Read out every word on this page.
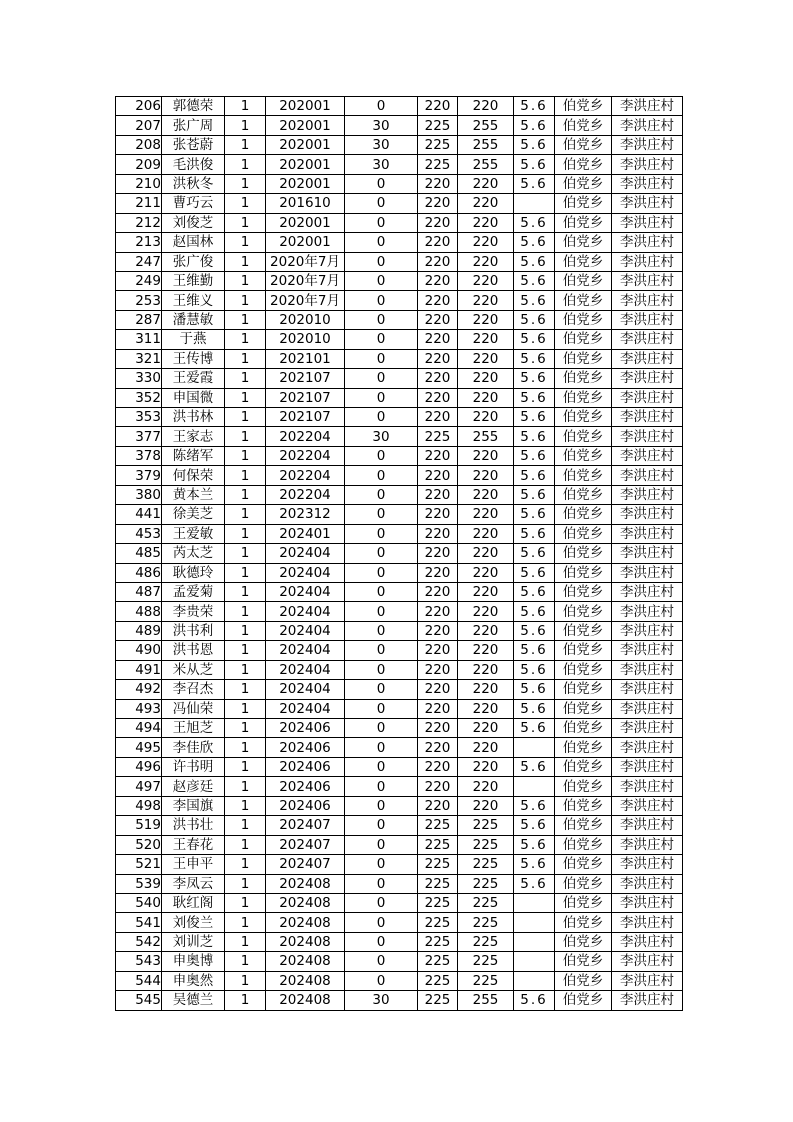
206	郭德荣	1	202001	0	220	220	5.6	伯党乡	李洪庄村
207	张广周	1	202001	30	225	255	5.6	伯党乡	李洪庄村
208	张苍蔚	1	202001	30	225	255	5.6	伯党乡	李洪庄村
209	毛洪俊	1	202001	30	225	255	5.6	伯党乡	李洪庄村
210	洪秋冬	1	202001	0	220	220	5.6	伯党乡	李洪庄村
211	曹巧云	1	201610	0	220	220		伯党乡	李洪庄村
212	刘俊芝	1	202001	0	220	220	5.6	伯党乡	李洪庄村
213	赵国林	1	202001	0	220	220	5.6	伯党乡	李洪庄村
247	张广俊	1	2020年7月	0	220	220	5.6	伯党乡	李洪庄村
249	王维勤	1	2020年7月	0	220	220	5.6	伯党乡	李洪庄村
253	王维义	1	2020年7月	0	220	220	5.6	伯党乡	李洪庄村
287	潘慧敏	1	202010	0	220	220	5.6	伯党乡	李洪庄村
311	于燕	1	202010	0	220	220	5.6	伯党乡	李洪庄村
321	王传博	1	202101	0	220	220	5.6	伯党乡	李洪庄村
330	王爱霞	1	202107	0	220	220	5.6	伯党乡	李洪庄村
352	申国微	1	202107	0	220	220	5.6	伯党乡	李洪庄村
353	洪书林	1	202107	0	220	220	5.6	伯党乡	李洪庄村
377	王家志	1	202204	30	225	255	5.6	伯党乡	李洪庄村
378	陈绪军	1	202204	0	220	220	5.6	伯党乡	李洪庄村
379	何保荣	1	202204	0	220	220	5.6	伯党乡	李洪庄村
380	黄本兰	1	202204	0	220	220	5.6	伯党乡	李洪庄村
441	徐美芝	1	202312	0	220	220	5.6	伯党乡	李洪庄村
453	王爱敏	1	202401	0	220	220	5.6	伯党乡	李洪庄村
485	芮太芝	1	202404	0	220	220	5.6	伯党乡	李洪庄村
486	耿德玲	1	202404	0	220	220	5.6	伯党乡	李洪庄村
487	孟爱菊	1	202404	0	220	220	5.6	伯党乡	李洪庄村
488	李贵荣	1	202404	0	220	220	5.6	伯党乡	李洪庄村
489	洪书利	1	202404	0	220	220	5.6	伯党乡	李洪庄村
490	洪书恩	1	202404	0	220	220	5.6	伯党乡	李洪庄村
491	米从芝	1	202404	0	220	220	5.6	伯党乡	李洪庄村
492	李召杰	1	202404	0	220	220	5.6	伯党乡	李洪庄村
493	冯仙荣	1	202404	0	220	220	5.6	伯党乡	李洪庄村
494	王旭芝	1	202406	0	220	220	5.6	伯党乡	李洪庄村
495	李佳欣	1	202406	0	220	220		伯党乡	李洪庄村
496	许书明	1	202406	0	220	220	5.6	伯党乡	李洪庄村
497	赵彦廷	1	202406	0	220	220		伯党乡	李洪庄村
498	李国旗	1	202406	0	220	220	5.6	伯党乡	李洪庄村
519	洪书壮	1	202407	0	225	225	5.6	伯党乡	李洪庄村
520	王春花	1	202407	0	225	225	5.6	伯党乡	李洪庄村
521	王申平	1	202407	0	225	225	5.6	伯党乡	李洪庄村
539	李凤云	1	202408	0	225	225	5.6	伯党乡	李洪庄村
540	耿红阁	1	202408	0	225	225		伯党乡	李洪庄村
541	刘俊兰	1	202408	0	225	225		伯党乡	李洪庄村
542	刘训芝	1	202408	0	225	225		伯党乡	李洪庄村
543	申奥博	1	202408	0	225	225		伯党乡	李洪庄村
544	申奥然	1	202408	0	225	225		伯党乡	李洪庄村
545	吴德兰	1	202408	30	225	255	5.6	伯党乡	李洪庄村
